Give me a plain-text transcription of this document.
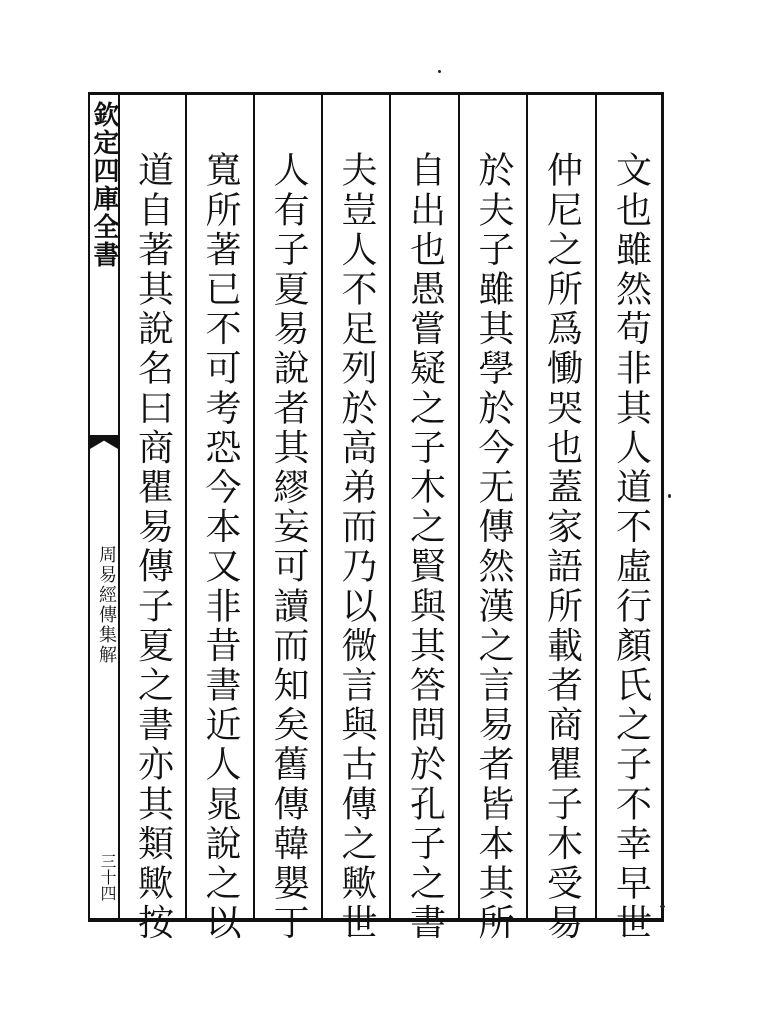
欽定四庫全書
周易經傳集解
三十四	文也雖然苟非其人道不虛行顏氏之子不幸早世
仲尼之所爲慟哭也蓋家語所載者商瞿子木受易
於夫子雖其學於今无傳然漢之言易者皆本其所
自出也愚嘗疑之子木之賢與其答問於孔子之書
夫豈人不足列於高弟而乃以微言與古傳之歟世
人有子夏易說者其繆妄可讀而知矣舊傳韓嬰丁
寬所著已不可考恐今本又非昔書近人晁說之以
道自著其說名曰商瞿易傳子夏之書亦其類歟按
